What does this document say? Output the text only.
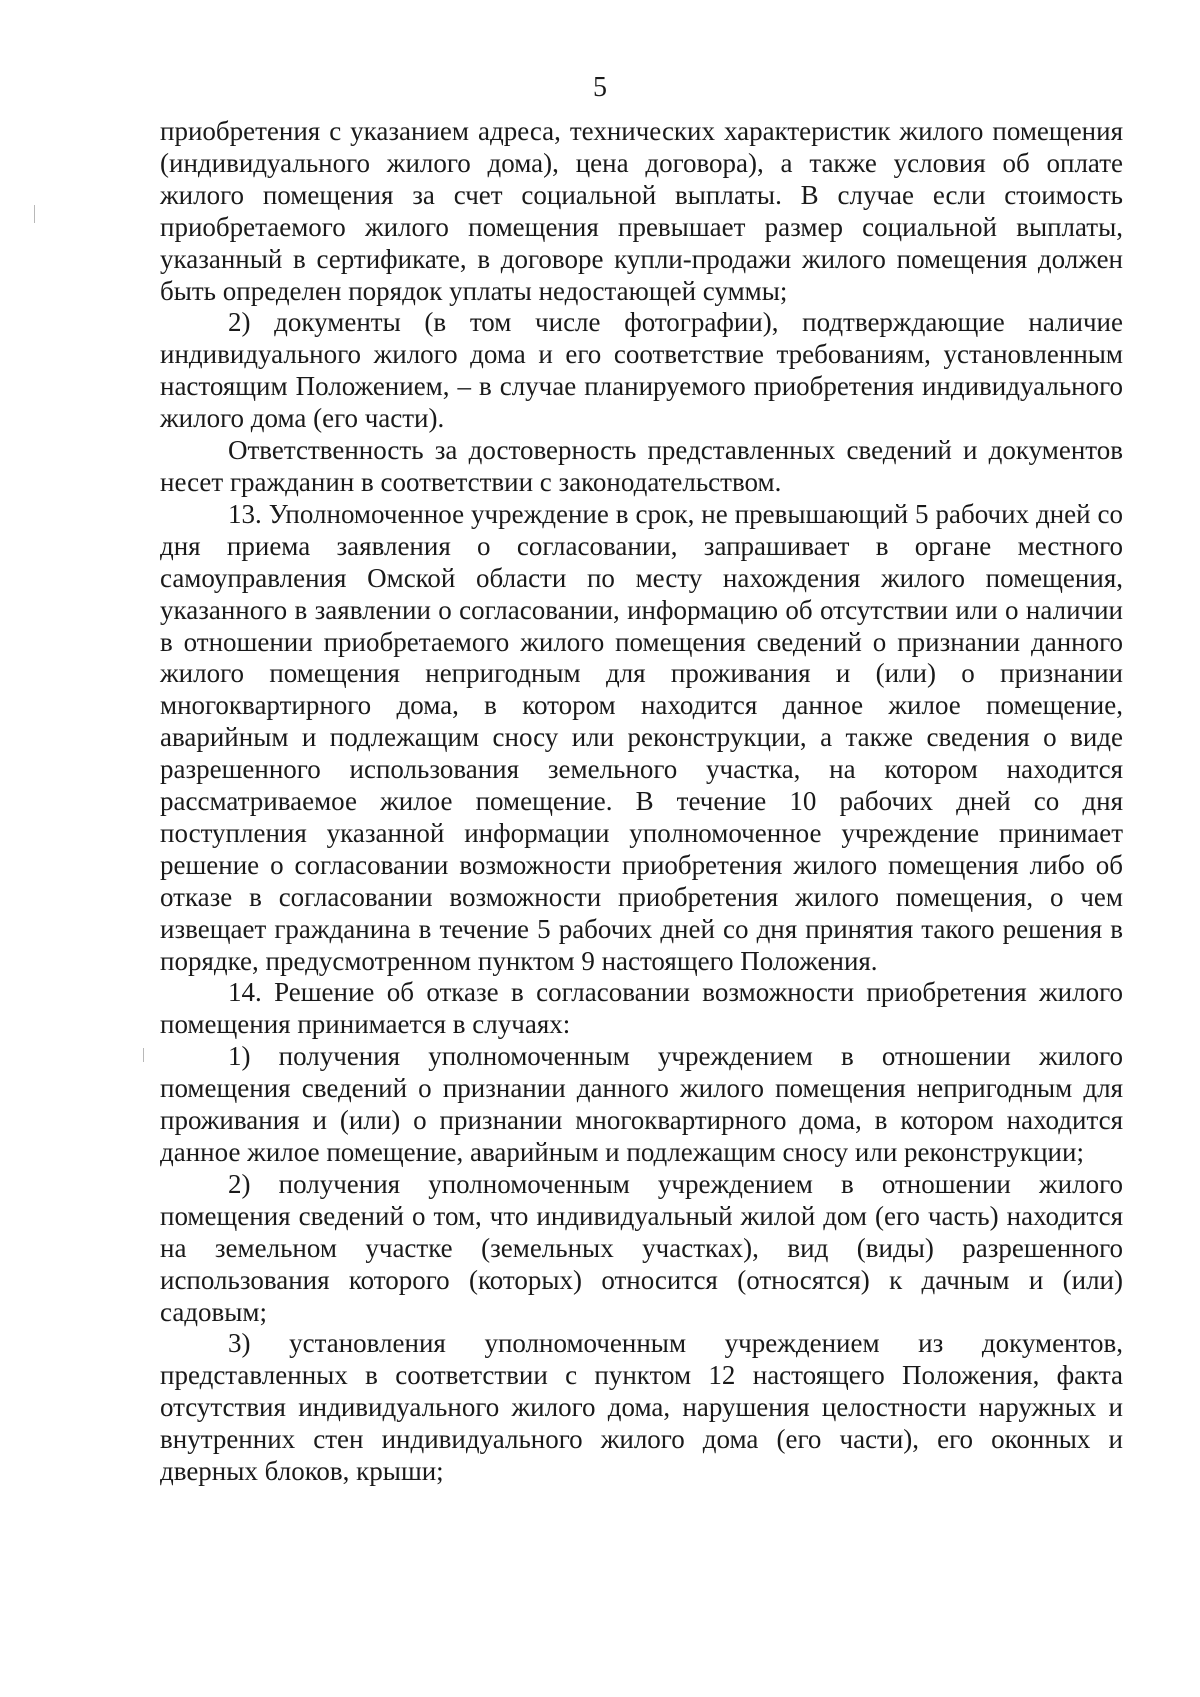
5

приобретения с указанием адреса, технических характеристик жилого помещения (индивидуального жилого дома), цена договора), а также условия об оплате жилого помещения за счет социальной выплаты. В случае если стоимость приобретаемого жилого помещения превышает размер социальной выплаты, указанный в сертификате, в договоре купли-продажи жилого помещения должен быть определен порядок уплаты недостающей суммы;

2) документы (в том числе фотографии), подтверждающие наличие индивидуального жилого дома и его соответствие требованиям, установленным настоящим Положением, – в случае планируемого приобретения индивидуального жилого дома (его части).

Ответственность за достоверность представленных сведений и документов несет гражданин в соответствии с законодательством.

13. Уполномоченное учреждение в срок, не превышающий 5 рабочих дней со дня приема заявления о согласовании, запрашивает в органе местного самоуправления Омской области по месту нахождения жилого помещения, указанного в заявлении о согласовании, информацию об отсутствии или о наличии в отношении приобретаемого жилого помещения сведений о признании данного жилого помещения непригодным для проживания и (или) о признании многоквартирного дома, в котором находится данное жилое помещение, аварийным и подлежащим сносу или реконструкции, а также сведения о виде разрешенного использования земельного участка, на котором находится рассматриваемое жилое помещение. В течение 10 рабочих дней со дня поступления указанной информации уполномоченное учреждение принимает решение о согласовании возможности приобретения жилого помещения либо об отказе в согласовании возможности приобретения жилого помещения, о чем извещает гражданина в течение 5 рабочих дней со дня принятия такого решения в порядке, предусмотренном пунктом 9 настоящего Положения.

14. Решение об отказе в согласовании возможности приобретения жилого помещения принимается в случаях:

1) получения уполномоченным учреждением в отношении жилого помещения сведений о признании данного жилого помещения непригодным для проживания и (или) о признании многоквартирного дома, в котором находится данное жилое помещение, аварийным и подлежащим сносу или реконструкции;

2) получения уполномоченным учреждением в отношении жилого помещения сведений о том, что индивидуальный жилой дом (его часть) находится на земельном участке (земельных участках), вид (виды) разрешенного использования которого (которых) относится (относятся) к дачным и (или) садовым;

3) установления уполномоченным учреждением из документов, представленных в соответствии с пунктом 12 настоящего Положения, факта отсутствия индивидуального жилого дома, нарушения целостности наружных и внутренних стен индивидуального жилого дома (его части), его оконных и дверных блоков, крыши;
